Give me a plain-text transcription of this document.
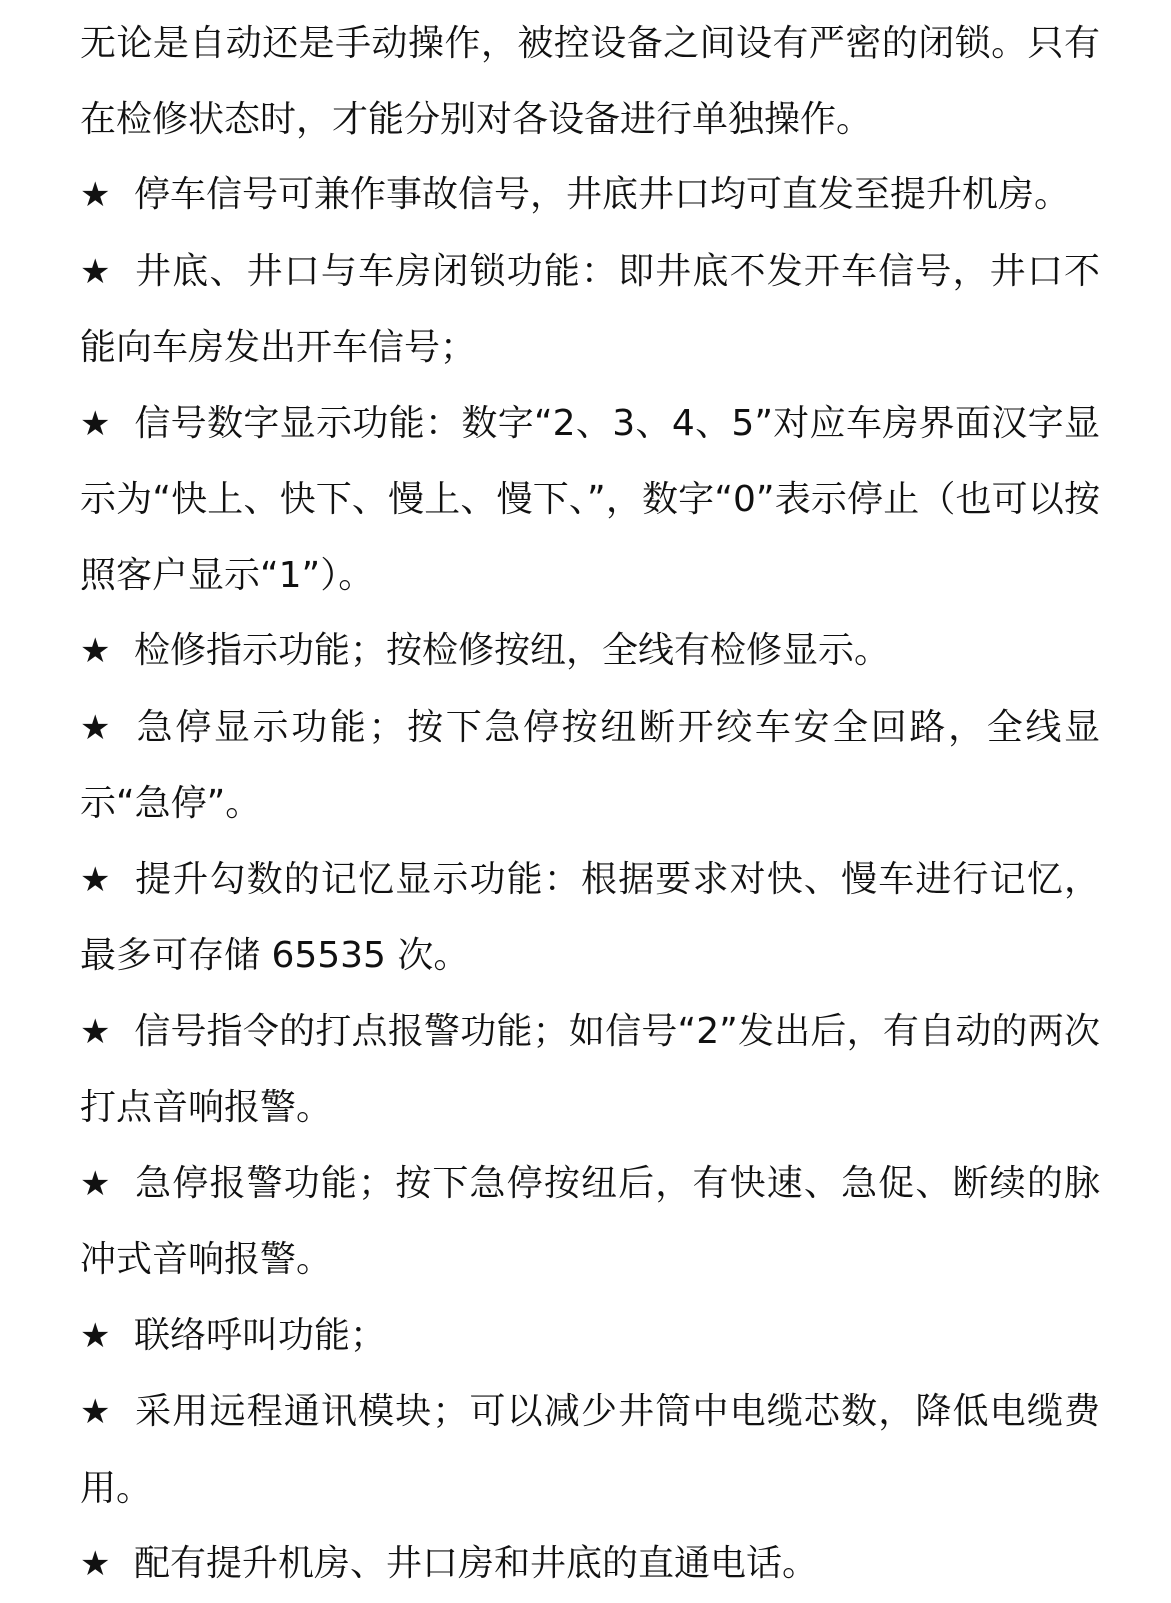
无论是自动还是手动操作，被控设备之间设有严密的闭锁。只有在检修状态时，才能分别对各设备进行单独操作。

★ 停车信号可兼作事故信号，井底井口均可直发至提升机房。

★ 井底、井口与车房闭锁功能：即井底不发开车信号，井口不能向车房发出开车信号；

★ 信号数字显示功能：数字“2、3、4、5”对应车房界面汉字显示为“快上、快下、慢上、慢下、”，数字“0”表示停止（也可以按照客户显示“1”）。

★ 检修指示功能；按检修按纽，全线有检修显示。

★ 急停显示功能；按下急停按纽断开绞车安全回路，全线显示“急停”。

★ 提升勾数的记忆显示功能：根据要求对快、慢车进行记忆，最多可存储 65535 次。

★ 信号指令的打点报警功能；如信号“2”发出后，有自动的两次打点音响报警。

★ 急停报警功能；按下急停按纽后，有快速、急促、断续的脉冲式音响报警。

★ 联络呼叫功能；

★ 采用远程通讯模块；可以减少井筒中电缆芯数，降低电缆费用。

★ 配有提升机房、井口房和井底的直通电话。
